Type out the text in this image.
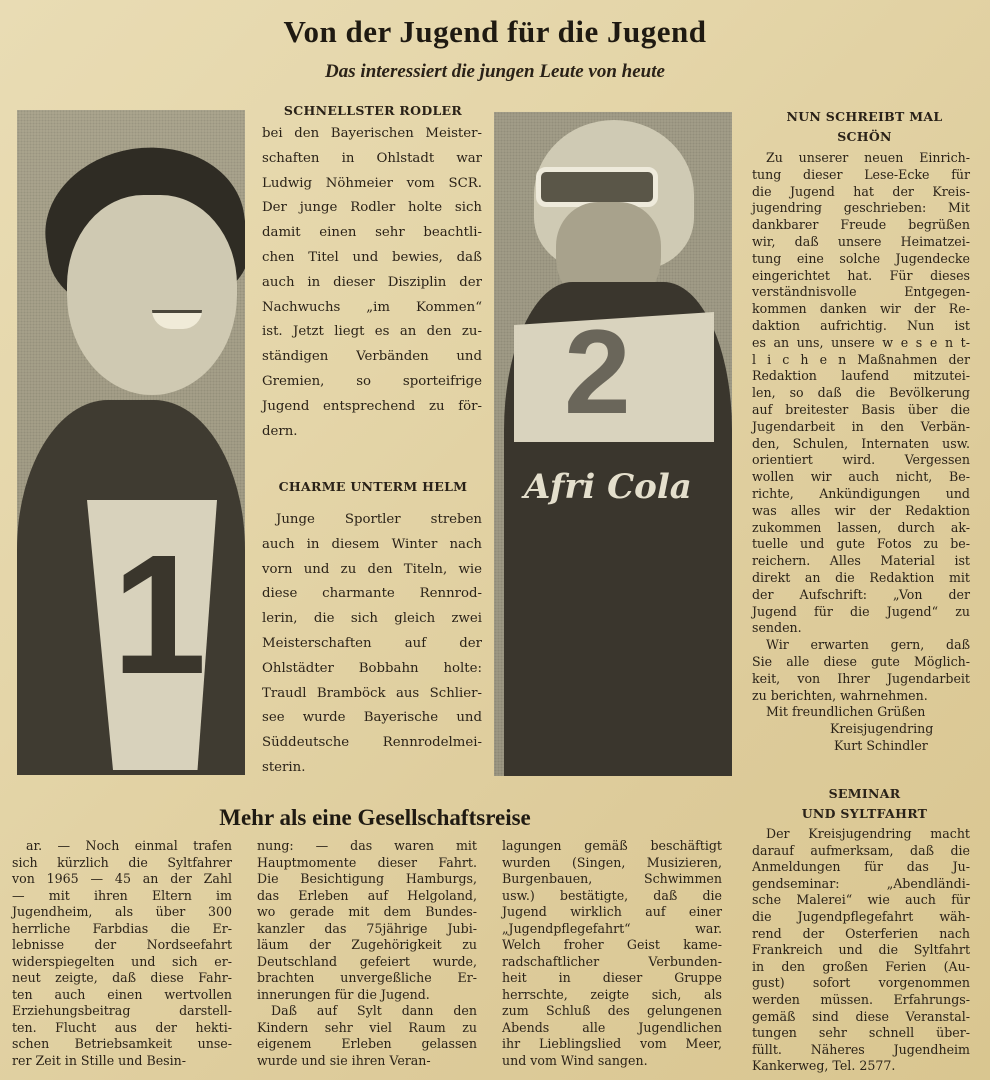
Von der Jugend für die Jugend
Das interessiert die jungen Leute von heute
1
SCHNELLSTER RODLER
bei den Bayerischen Meister-
schaften in Ohlstadt war
Ludwig Nöhmeier vom SCR.
Der junge Rodler holte sich
damit einen sehr beachtli-
chen Titel und bewies, daß
auch in dieser Disziplin der
Nachwuchs „im Kommen“
ist. Jetzt liegt es an den zu-
ständigen Verbänden und
Gremien, so sporteifrige
Jugend entsprechend zu för-
dern.
CHARME UNTERM HELM
Junge Sportler streben
auch in diesem Winter nach
vorn und zu den Titeln, wie
diese charmante Rennrod-
lerin, die sich gleich zwei
Meisterschaften auf der
Ohlstädter Bobbahn holte:
Traudl Bramböck aus Schlier-
see wurde Bayerische und
Süddeutsche Rennrodelmei-
sterin.
2
Afri Cola
NUN SCHREIBT MAL
SCHÖN
Zu unserer neuen Einrich-
tung dieser Lese-Ecke für
die Jugend hat der Kreis-
jugendring geschrieben: Mit
dankbarer Freude begrüßen
wir, daß unsere Heimatzei-
tung eine solche Jugendecke
eingerichtet hat. Für dieses
verständnisvolle Entgegen-
kommen danken wir der Re-
daktion aufrichtig. Nun ist
es an uns, unsere w e s e n t-
l i c h e n Maßnahmen der
Redaktion laufend mitzutei-
len, so daß die Bevölkerung
auf breitester Basis über die
Jugendarbeit in den Verbän-
den, Schulen, Internaten usw.
orientiert wird. Vergessen
wollen wir auch nicht, Be-
richte, Ankündigungen und
was alles wir der Redaktion
zukommen lassen, durch ak-
tuelle und gute Fotos zu be-
reichern. Alles Material ist
direkt an die Redaktion mit
der Aufschrift: „Von der
Jugend für die Jugend“ zu
senden.
Wir erwarten gern, daß
Sie alle diese gute Möglich-
keit, von Ihrer Jugendarbeit
zu berichten, wahrnehmen.
Mit freundlichen Grüßen
Kreisjugendring
Kurt Schindler
SEMINAR
UND SYLTFAHRT
Der Kreisjugendring macht
darauf aufmerksam, daß die
Anmeldungen für das Ju-
gendseminar: „Abendländi-
sche Malerei“ wie auch für
die Jugendpflegefahrt wäh-
rend der Osterferien nach
Frankreich und die Syltfahrt
in den großen Ferien (Au-
gust) sofort vorgenommen
werden müssen. Erfahrungs-
gemäß sind diese Veranstal-
tungen sehr schnell über-
füllt. Näheres Jugendheim
Kankerweg, Tel. 2577.
Mehr als eine Gesellschaftsreise
ar. — Noch einmal trafen
sich kürzlich die Syltfahrer
von 1965 — 45 an der Zahl
— mit ihren Eltern im
Jugendheim, als über 300
herrliche Farbdias die Er-
lebnisse der Nordseefahrt
widerspiegelten und sich er-
neut zeigte, daß diese Fahr-
ten auch einen wertvollen
Erziehungsbeitrag darstell-
ten. Flucht aus der hekti-
schen Betriebsamkeit unse-
rer Zeit in Stille und Besin-
nung: — das waren mit
Hauptmomente dieser Fahrt.
Die Besichtigung Hamburgs,
das Erleben auf Helgoland,
wo gerade mit dem Bundes-
kanzler das 75jährige Jubi-
läum der Zugehörigkeit zu
Deutschland gefeiert wurde,
brachten unvergeßliche Er-
innerungen für die Jugend.
Daß auf Sylt dann den
Kindern sehr viel Raum zu
eigenem Erleben gelassen
wurde und sie ihren Veran-
lagungen gemäß beschäftigt
wurden (Singen, Musizieren,
Burgenbauen, Schwimmen
usw.) bestätigte, daß die
Jugend wirklich auf einer
„Jugendpflegefahrt“ war.
Welch froher Geist kame-
radschaftlicher Verbunden-
heit in dieser Gruppe
herrschte, zeigte sich, als
zum Schluß des gelungenen
Abends alle Jugendlichen
ihr Lieblingslied vom Meer,
und vom Wind sangen.
